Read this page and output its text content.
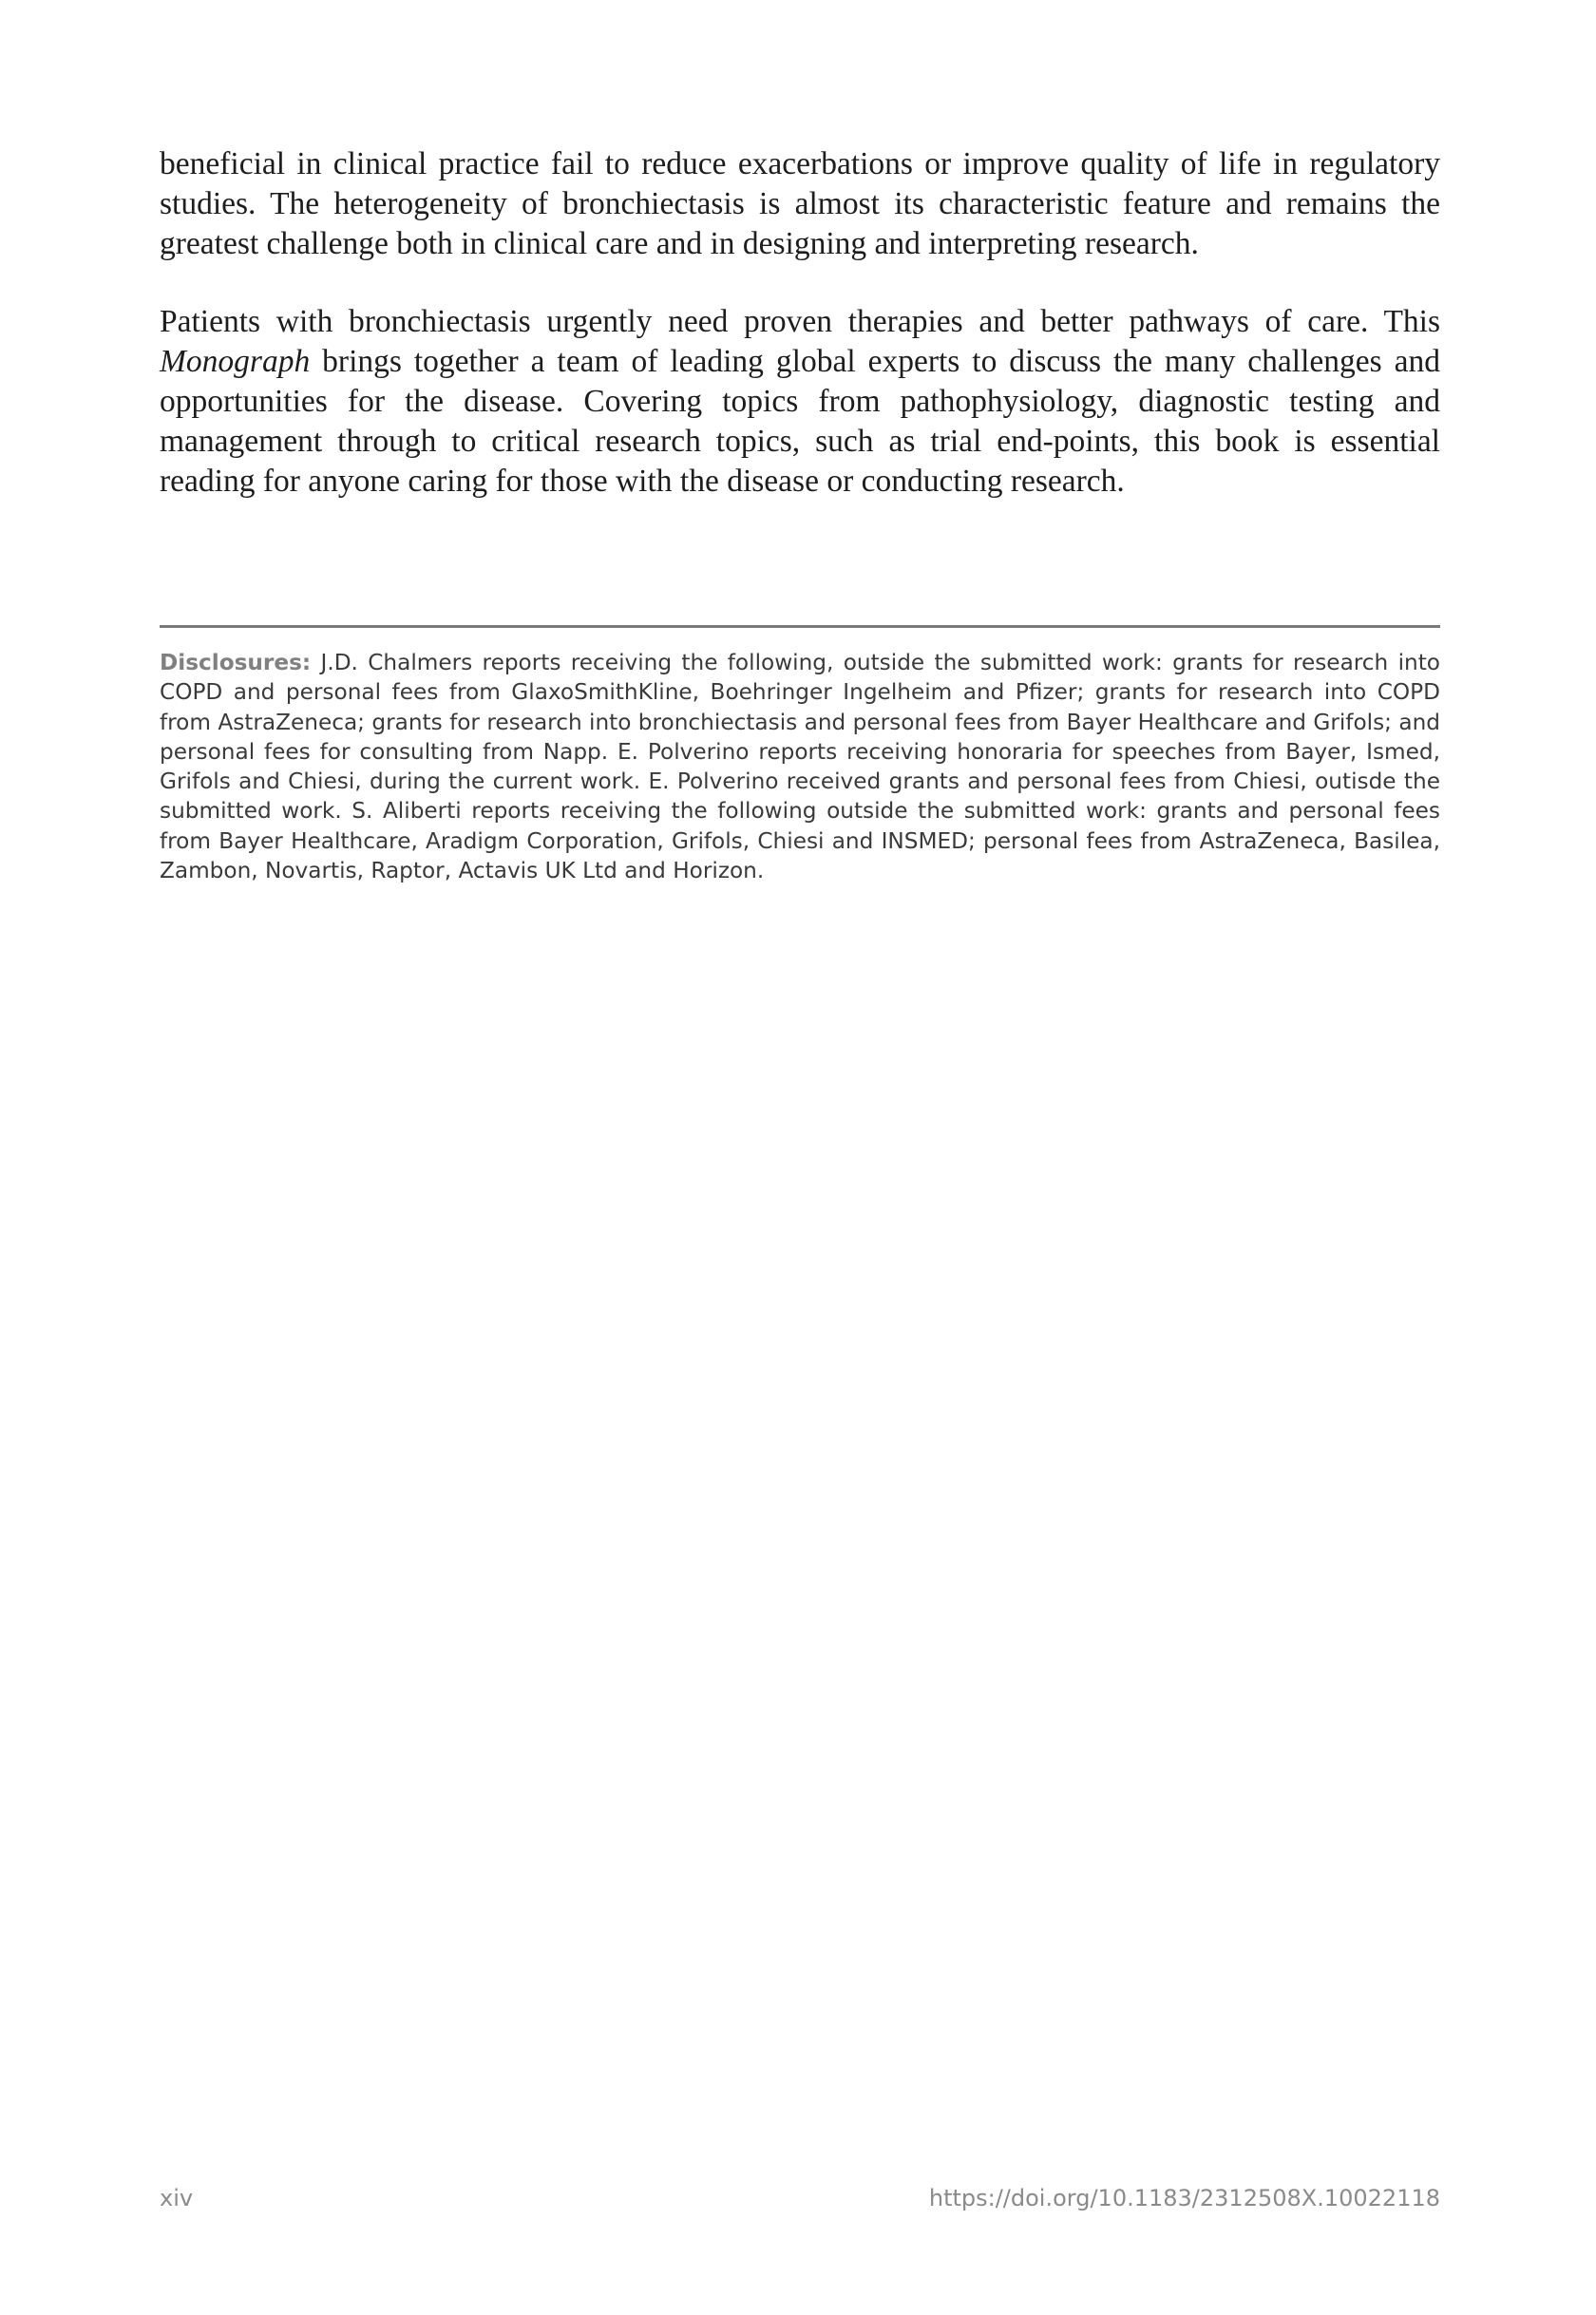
beneficial in clinical practice fail to reduce exacerbations or improve quality of life in regulatory studies. The heterogeneity of bronchiectasis is almost its characteristic feature and remains the greatest challenge both in clinical care and in designing and interpreting research.

Patients with bronchiectasis urgently need proven therapies and better pathways of care. This Monograph brings together a team of leading global experts to discuss the many challenges and opportunities for the disease. Covering topics from pathophysiology, diagnostic testing and management through to critical research topics, such as trial end-points, this book is essential reading for anyone caring for those with the disease or conducting research.

Disclosures: J.D. Chalmers reports receiving the following, outside the submitted work: grants for research into COPD and personal fees from GlaxoSmithKline, Boehringer Ingelheim and Pfizer; grants for research into COPD from AstraZeneca; grants for research into bronchiectasis and personal fees from Bayer Healthcare and Grifols; and personal fees for consulting from Napp. E. Polverino reports receiving honoraria for speeches from Bayer, Ismed, Grifols and Chiesi, during the current work. E. Polverino received grants and personal fees from Chiesi, outisde the submitted work. S. Aliberti reports receiving the following outside the submitted work: grants and personal fees from Bayer Healthcare, Aradigm Corporation, Grifols, Chiesi and INSMED; personal fees from AstraZeneca, Basilea, Zambon, Novartis, Raptor, Actavis UK Ltd and Horizon.

xiv	https://doi.org/10.1183/2312508X.10022118
